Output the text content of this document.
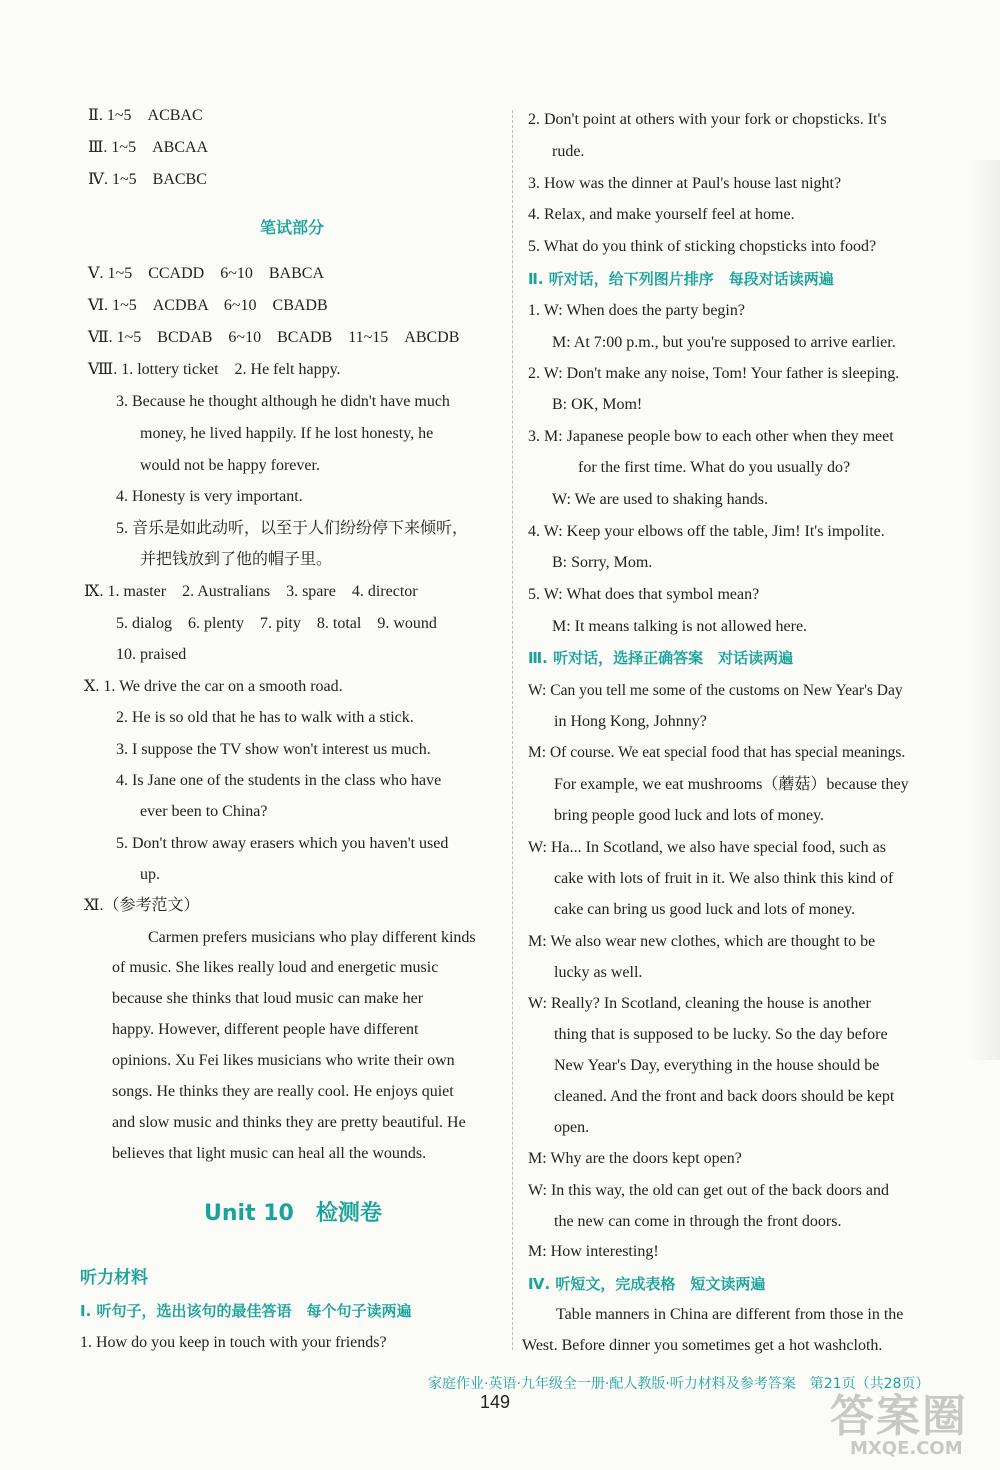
Ⅱ. 1~5　ACBAC
Ⅲ. 1~5　ABCAA
Ⅳ. 1~5　BACBC
笔试部分
Ⅴ. 1~5　CCADD　6~10　BABCA
Ⅵ. 1~5　ACDBA　6~10　CBADB
Ⅶ. 1~5　BCDAB　6~10　BCADB　11~15　ABCDB
Ⅷ. 1. lottery ticket　2. He felt happy.
3. Because he thought although he didn't have much
money, he lived happily. If he lost honesty, he
would not be happy forever.
4. Honesty is very important.
5. 音乐是如此动听，以至于人们纷纷停下来倾听，
并把钱放到了他的帽子里。
Ⅸ. 1. master　2. Australians　3. spare　4. director
5. dialog　6. plenty　7. pity　8. total　9. wound
10. praised
Ⅹ. 1. We drive the car on a smooth road.
2. He is so old that he has to walk with a stick.
3. I suppose the TV show won't interest us much.
4. Is Jane one of the students in the class who have
ever been to China?
5. Don't throw away erasers which you haven't used
up.
Ⅺ.（参考范文）
Carmen prefers musicians who play different kinds
of music. She likes really loud and energetic music
because she thinks that loud music can make her
happy. However, different people have different
opinions. Xu Fei likes musicians who write their own
songs. He thinks they are really cool. He enjoys quiet
and slow music and thinks they are pretty beautiful. He
believes that light music can heal all the wounds.
Unit 10　检测卷
听力材料
Ⅰ. 听句子，选出该句的最佳答语　每个句子读两遍
1. How do you keep in touch with your friends?
2. Don't point at others with your fork or chopsticks. It's
rude.
3. How was the dinner at Paul's house last night?
4. Relax, and make yourself feel at home.
5. What do you think of sticking chopsticks into food?
Ⅱ. 听对话，给下列图片排序　每段对话读两遍
1. W: When does the party begin?
M: At 7:00 p.m., but you're supposed to arrive earlier.
2. W: Don't make any noise, Tom! Your father is sleeping.
B: OK, Mom!
3. M: Japanese people bow to each other when they meet
for the first time. What do you usually do?
W: We are used to shaking hands.
4. W: Keep your elbows off the table, Jim! It's impolite.
B: Sorry, Mom.
5. W: What does that symbol mean?
M: It means talking is not allowed here.
Ⅲ. 听对话，选择正确答案　对话读两遍
W: Can you tell me some of the customs on New Year's Day
in Hong Kong, Johnny?
M: Of course. We eat special food that has special meanings.
For example, we eat mushrooms（蘑菇）because they
bring people good luck and lots of money.
W: Ha... In Scotland, we also have special food, such as
cake with lots of fruit in it. We also think this kind of
cake can bring us good luck and lots of money.
M: We also wear new clothes, which are thought to be
lucky as well.
W: Really? In Scotland, cleaning the house is another
thing that is supposed to be lucky. So the day before
New Year's Day, everything in the house should be
cleaned. And the front and back doors should be kept
open.
M: Why are the doors kept open?
W: In this way, the old can get out of the back doors and
the new can come in through the front doors.
M: How interesting!
Ⅳ. 听短文，完成表格　短文读两遍
Table manners in China are different from those in the
West. Before dinner you sometimes get a hot washcloth.
家庭作业·英语·九年级全一册·配人教版·听力材料及参考答案　第21页（共28页）
149	答案圈
MXQE.COM
